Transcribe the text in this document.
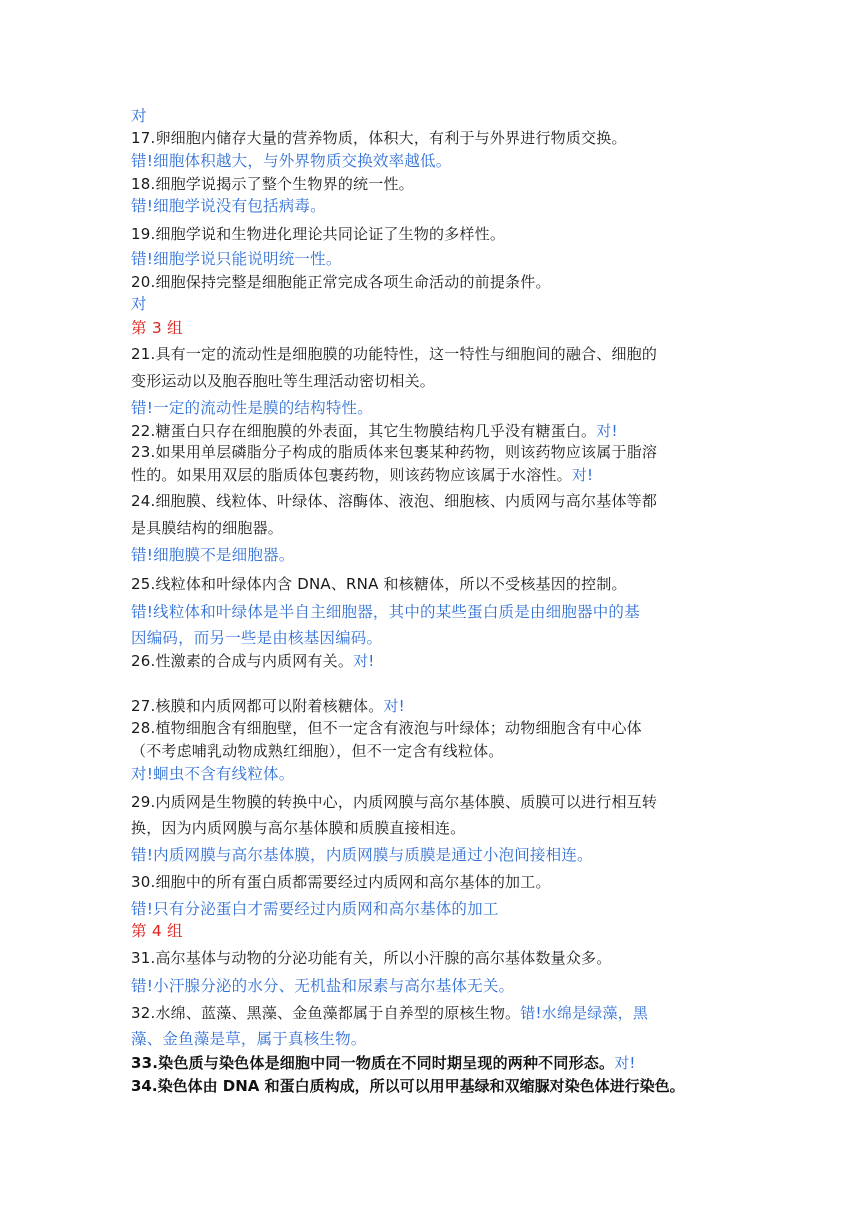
对
17.卵细胞内储存大量的营养物质，体积大，有利于与外界进行物质交换。
错!细胞体积越大，与外界物质交换效率越低。
18.细胞学说揭示了整个生物界的统一性。
错!细胞学说没有包括病毒。
19.细胞学说和生物进化理论共同论证了生物的多样性。
错!细胞学说只能说明统一性。
20.细胞保持完整是细胞能正常完成各项生命活动的前提条件。
对
第 3 组
21.具有一定的流动性是细胞膜的功能特性，这一特性与细胞间的融合、细胞的
变形运动以及胞吞胞吐等生理活动密切相关。
错!一定的流动性是膜的结构特性。
22.糖蛋白只存在细胞膜的外表面，其它生物膜结构几乎没有糖蛋白。对!
23.如果用单层磷脂分子构成的脂质体来包裹某种药物，则该药物应该属于脂溶
性的。如果用双层的脂质体包裹药物，则该药物应该属于水溶性。对!
24.细胞膜、线粒体、叶绿体、溶酶体、液泡、细胞核、内质网与高尔基体等都
是具膜结构的细胞器。
错!细胞膜不是细胞器。
25.线粒体和叶绿体内含 DNA、RNA 和核糖体，所以不受核基因的控制。
错!线粒体和叶绿体是半自主细胞器，其中的某些蛋白质是由细胞器中的基
因编码，而另一些是由核基因编码。
26.性激素的合成与内质网有关。对!
27.核膜和内质网都可以附着核糖体。对!
28.植物细胞含有细胞壁，但不一定含有液泡与叶绿体；动物细胞含有中心体
（不考虑哺乳动物成熟红细胞），但不一定含有线粒体。
对!蛔虫不含有线粒体。
29.内质网是生物膜的转换中心，内质网膜与高尔基体膜、质膜可以进行相互转
换，因为内质网膜与高尔基体膜和质膜直接相连。
错!内质网膜与高尔基体膜，内质网膜与质膜是通过小泡间接相连。
30.细胞中的所有蛋白质都需要经过内质网和高尔基体的加工。
错!只有分泌蛋白才需要经过内质网和高尔基体的加工
第 4 组
31.高尔基体与动物的分泌功能有关，所以小汗腺的高尔基体数量众多。
错!小汗腺分泌的水分、无机盐和尿素与高尔基体无关。
32.水绵、蓝藻、黑藻、金鱼藻都属于自养型的原核生物。错!水绵是绿藻，黑
藻、金鱼藻是草，属于真核生物。
33.染色质与染色体是细胞中同一物质在不同时期呈现的两种不同形态。对!
34.染色体由 DNA 和蛋白质构成，所以可以用甲基绿和双缩脲对染色体进行染色。
